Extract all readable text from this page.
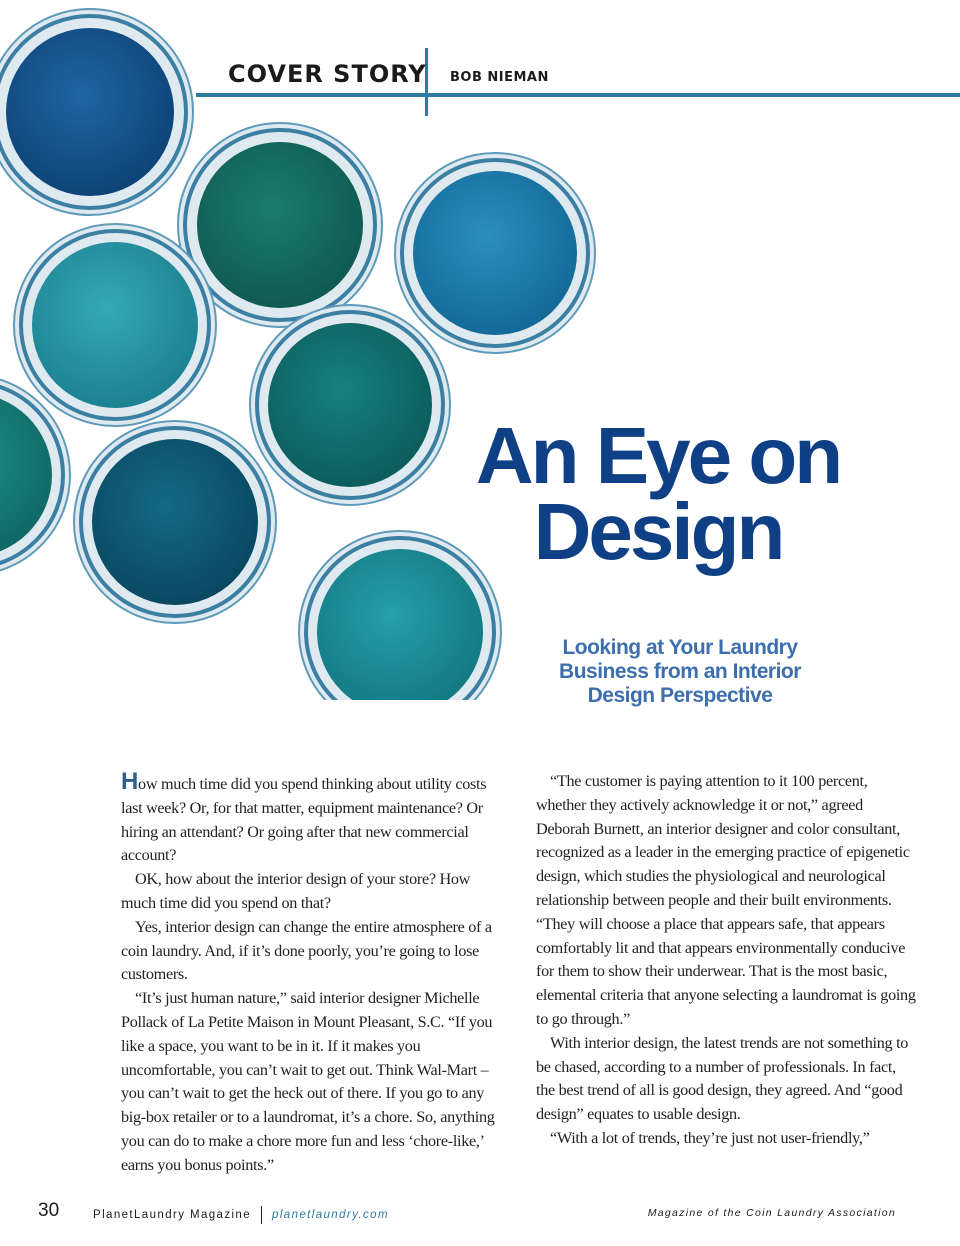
COVER STORY BOB NIEMAN
An Eye on
Design
Looking at Your Laundry
Business from an Interior
Design Perspective

How much time did you spend thinking about utility costs last week? Or, for that matter, equipment maintenance? Or hiring an attendant? Or going after that new commercial account?

OK, how about the interior design of your store? How much time did you spend on that?

Yes, interior design can change the entire atmosphere of a coin laundry. And, if it’s done poorly, you’re going to lose customers.

“It’s just human nature,” said interior designer Michelle Pollack of La Petite Maison in Mount Pleasant, S.C. “If you like a space, you want to be in it. If it makes you uncomfortable, you can’t wait to get out. Think Wal-Mart – you can’t wait to get the heck out of there. If you go to any big-box retailer or to a laundromat, it’s a chore. So, anything you can do to make a chore more fun and less ‘chore-like,’ earns you bonus points.”

“The customer is paying attention to it 100 percent, whether they actively acknowledge it or not,” agreed Deborah Burnett, an interior designer and color consultant, recognized as a leader in the emerging practice of epigenetic design, which studies the physiological and neurological relationship between people and their built environments. “They will choose a place that appears safe, that appears comfortably lit and that appears environmentally conducive for them to show their underwear. That is the most basic, elemental criteria that anyone selecting a laundromat is going to go through.”

With interior design, the latest trends are not something to be chased, according to a number of professionals. In fact, the best trend of all is good design, they agreed. And “good design” equates to usable design.

“With a lot of trends, they’re just not user-friendly,”

30	PlanetLaundry Magazine planetlaundry.com	Magazine of the Coin Laundry Association
